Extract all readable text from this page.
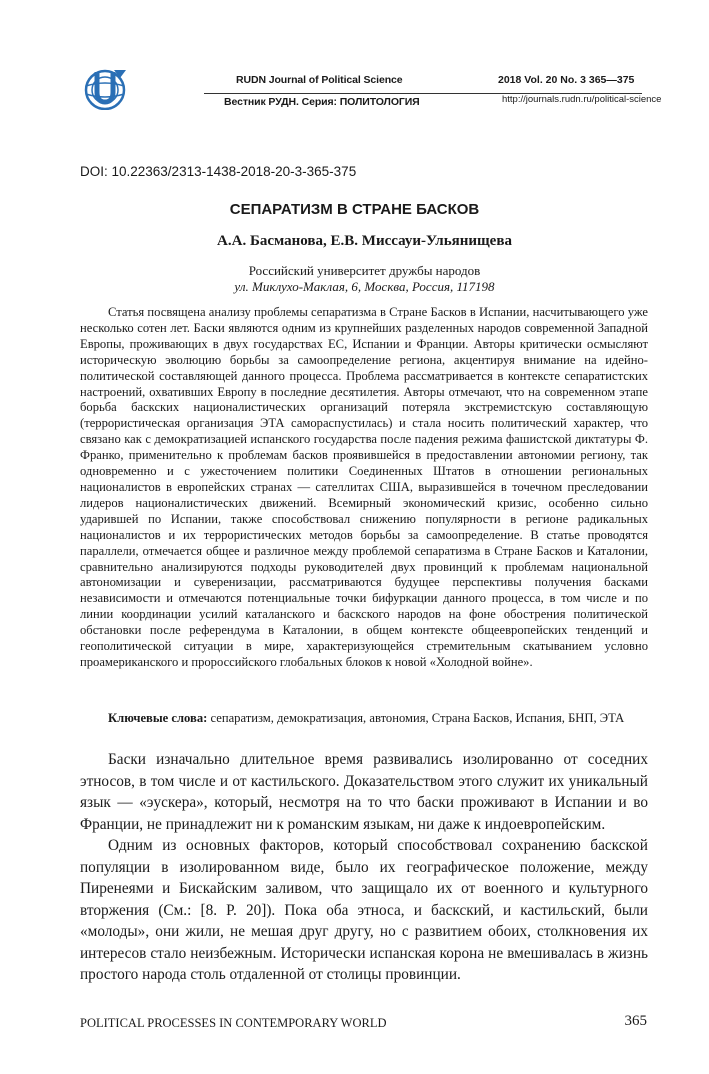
RUDN Journal of Political Science
Вестник РУДН. Серия: ПОЛИТОЛОГИЯ
2018 Vol. 20 No. 3 365—375
http://journals.rudn.ru/political-science
DOI: 10.22363/2313-1438-2018-20-3-365-375
СЕПАРАТИЗМ В СТРАНЕ БАСКОВ
А.А. Басманова, Е.В. Миссауи-Ульянищева
Российский университет дружбы народов
ул. Миклухо-Маклая, 6, Москва, Россия, 117198

Статья посвящена анализу проблемы сепаратизма в Стране Басков в Испании, насчитывающего уже несколько сотен лет. Баски являются одним из крупнейших разделенных народов современной Западной Европы, проживающих в двух государствах ЕС, Испании и Франции. Авторы критически осмысляют историческую эволюцию борьбы за самоопределение региона, акцентируя внимание на идейно-политической составляющей данного процесса. Проблема рассматривается в контексте сепаратистских настроений, охвативших Европу в последние десятилетия. Авторы отмечают, что на современном этапе борьба баскских националистических организаций потеряла экстремистскую составляющую (террористическая организация ЭТА самораспустилась) и стала носить политический характер, что связано как с демократизацией испанского государства после падения режима фашистской диктатуры Ф. Франко, применительно к проблемам басков проявившейся в предоставлении автономии региону, так одновременно и с ужесточением политики Соединенных Штатов в отношении региональных националистов в европейских странах — сателлитах США, выразившейся в точечном преследовании лидеров националистических движений. Всемирный экономический кризис, особенно сильно ударившей по Испании, также способствовал снижению популярности в регионе радикальных националистов и их террористических методов борьбы за самоопределение. В статье проводятся параллели, отмечается общее и различное между проблемой сепаратизма в Стране Басков и Каталонии, сравнительно анализируются подходы руководителей двух провинций к проблемам национальной автономизации и суверенизации, рассматриваются будущее перспективы получения басками независимости и отмечаются потенциальные точки бифуркации данного процесса, в том числе и по линии координации усилий каталанского и баскского народов на фоне обострения политической обстановки после референдума в Каталонии, в общем контексте общеевропейских тенденций и геополитической ситуации в мире, характеризующейся стремительным скатыванием условно проамериканского и пророссийского глобальных блоков к новой «Холодной войне».

Ключевые слова: сепаратизм, демократизация, автономия, Страна Басков, Испания, БНП, ЭТА

Баски изначально длительное время развивались изолированно от соседних этносов, в том числе и от кастильского. Доказательством этого служит их уникальный язык — «эускера», который, несмотря на то что баски проживают в Испании и во Франции, не принадлежит ни к романским языкам, ни даже к индоевропейским.

Одним из основных факторов, который способствовал сохранению баскской популяции в изолированном виде, было их географическое положение, между Пиренеями и Бискайским заливом, что защищало их от военного и культурного вторжения (См.: [8. P. 20]). Пока оба этноса, и баскский, и кастильский, были «молоды», они жили, не мешая друг другу, но с развитием обоих, столкновения их интересов стало неизбежным. Исторически испанская корона не вмешивалась в жизнь простого народа столь отдаленной от столицы провинции.

POLITICAL PROCESSES IN CONTEMPORARY WORLD	365
